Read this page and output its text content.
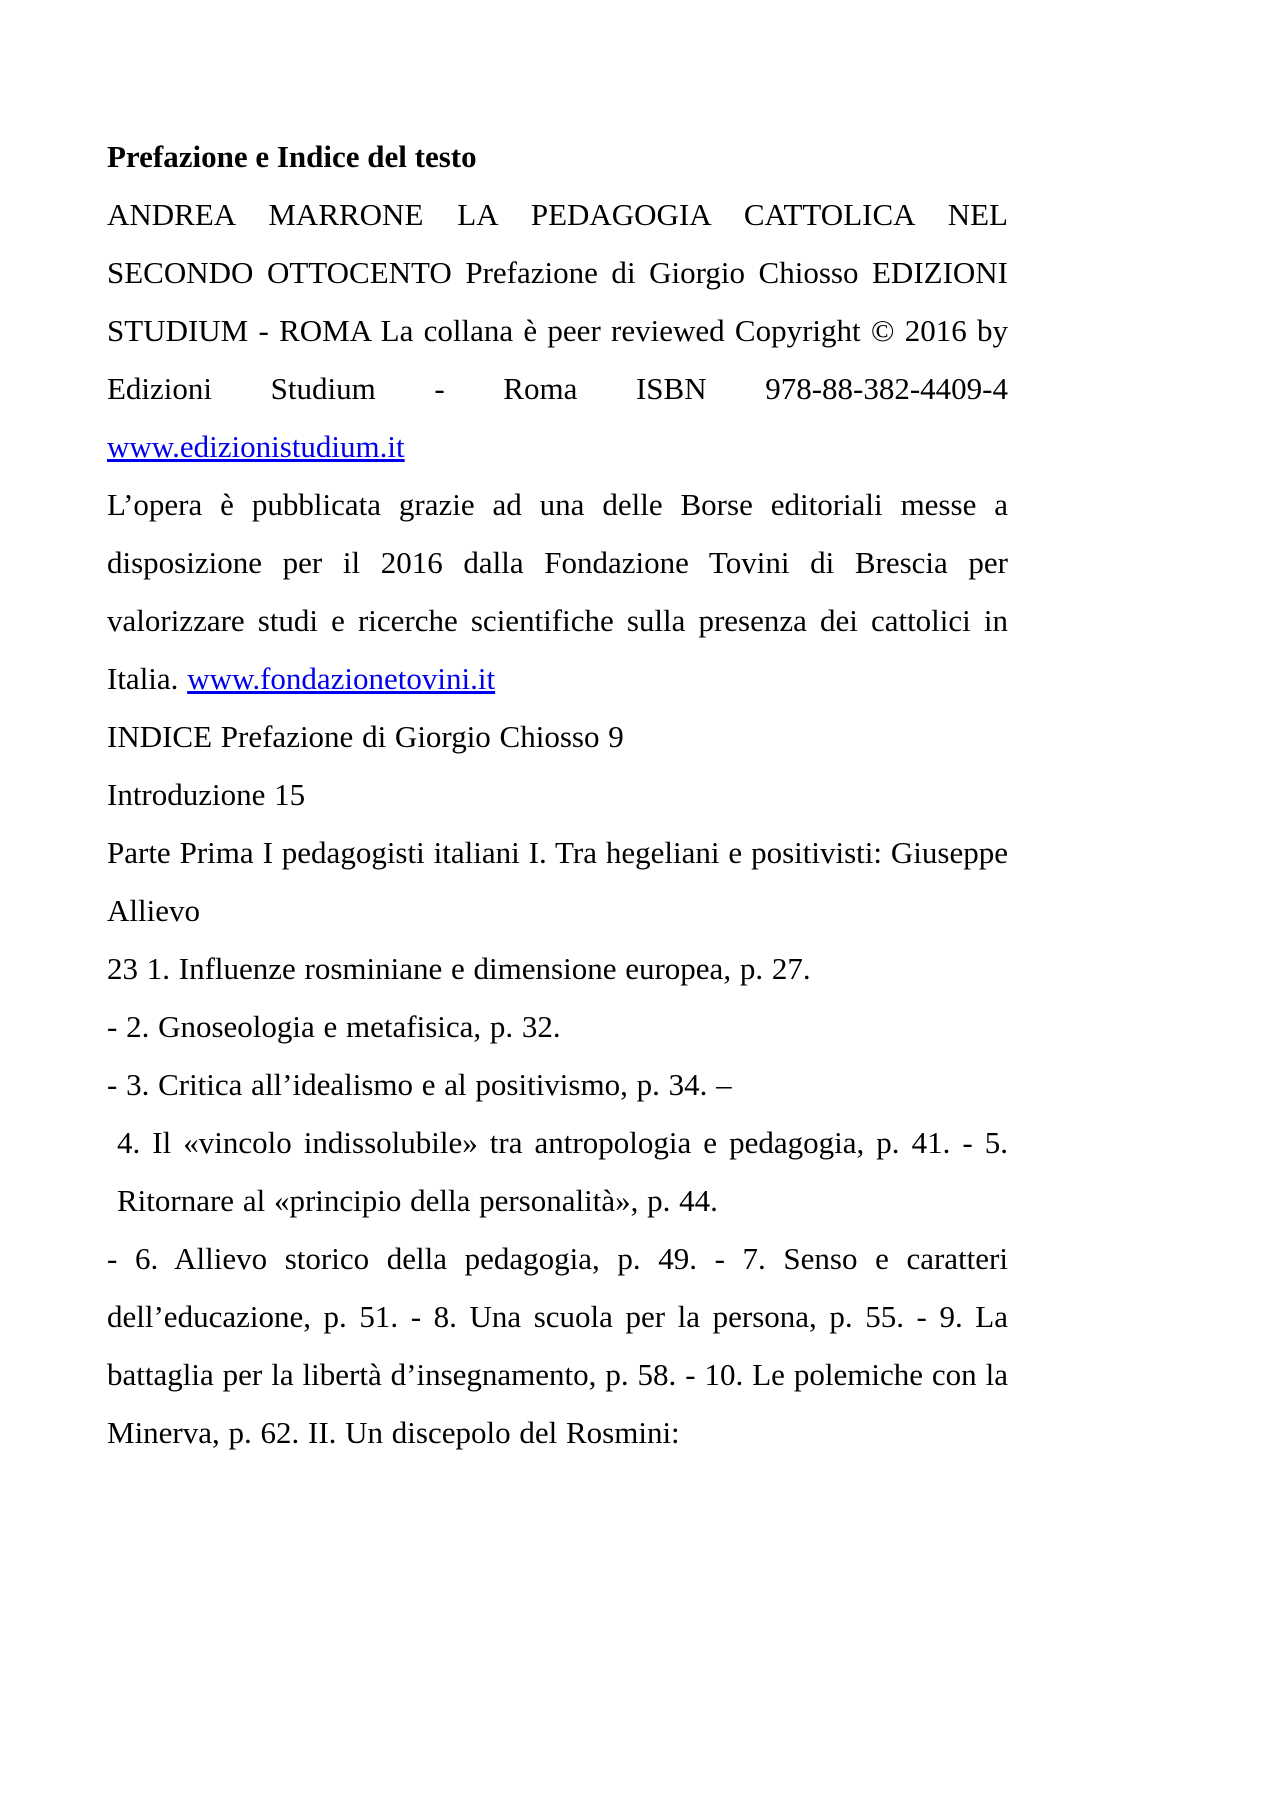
Prefazione e Indice del testo

ANDREA MARRONE LA PEDAGOGIA CATTOLICA NEL SECONDO OTTOCENTO Prefazione di Giorgio Chiosso EDIZIONI STUDIUM - ROMA La collana è peer reviewed Copyright © 2016 by Edizioni Studium - Roma ISBN 978-88-382-4409-4 www.edizionistudium.it

L’opera è pubblicata grazie ad una delle Borse editoriali messe a disposizione per il 2016 dalla Fondazione Tovini di Brescia per valorizzare studi e ricerche scientifiche sulla presenza dei cattolici in Italia. www.fondazionetovini.it

INDICE Prefazione di Giorgio Chiosso 9

Introduzione 15

Parte Prima I pedagogisti italiani I. Tra hegeliani e positivisti: Giuseppe Allievo

23 1. Influenze rosminiane e dimensione europea, p. 27.

- 2. Gnoseologia e metafisica, p. 32.

- 3. Critica all’idealismo e al positivismo, p. 34. –

4. Il «vincolo indissolubile» tra antropologia e pedagogia, p. 41. - 5. Ritornare al «principio della personalità», p. 44.

- 6. Allievo storico della pedagogia, p. 49. - 7. Senso e caratteri dell’educazione, p. 51. - 8. Una scuola per la persona, p. 55. - 9. La battaglia per la libertà d’insegnamento, p. 58. - 10. Le polemiche con la Minerva, p. 62. II. Un discepolo del Rosmini:
